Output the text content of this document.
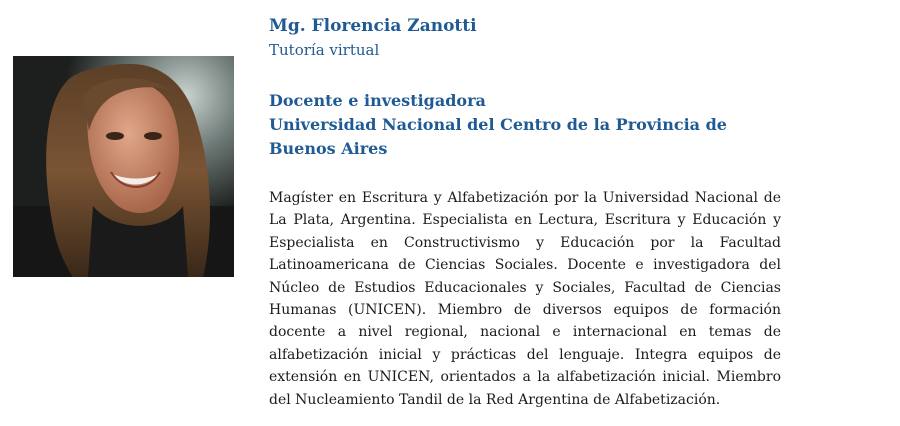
Mg. Florencia Zanotti

Tutoría virtual

Docente e investigadora

Universidad Nacional del Centro de la Provincia de Buenos Aires

Magíster en Escritura y Alfabetización por la Universidad Nacional de La Plata, Argentina. Especialista en Lectura, Escritura y Educación y Especialista en Constructivismo y Educación por la Facultad Latinoamericana de Ciencias Sociales. Docente e investigadora del Núcleo de Estudios Educacionales y Sociales, Facultad de Ciencias Humanas (UNICEN). Miembro de diversos equipos de formación docente a nivel regional, nacional e internacional en temas de alfabetización inicial y prácticas del lenguaje. Integra equipos de extensión en UNICEN, orientados a la alfabetización inicial. Miembro del Nucleamiento Tandil de la Red Argentina de Alfabetización.
